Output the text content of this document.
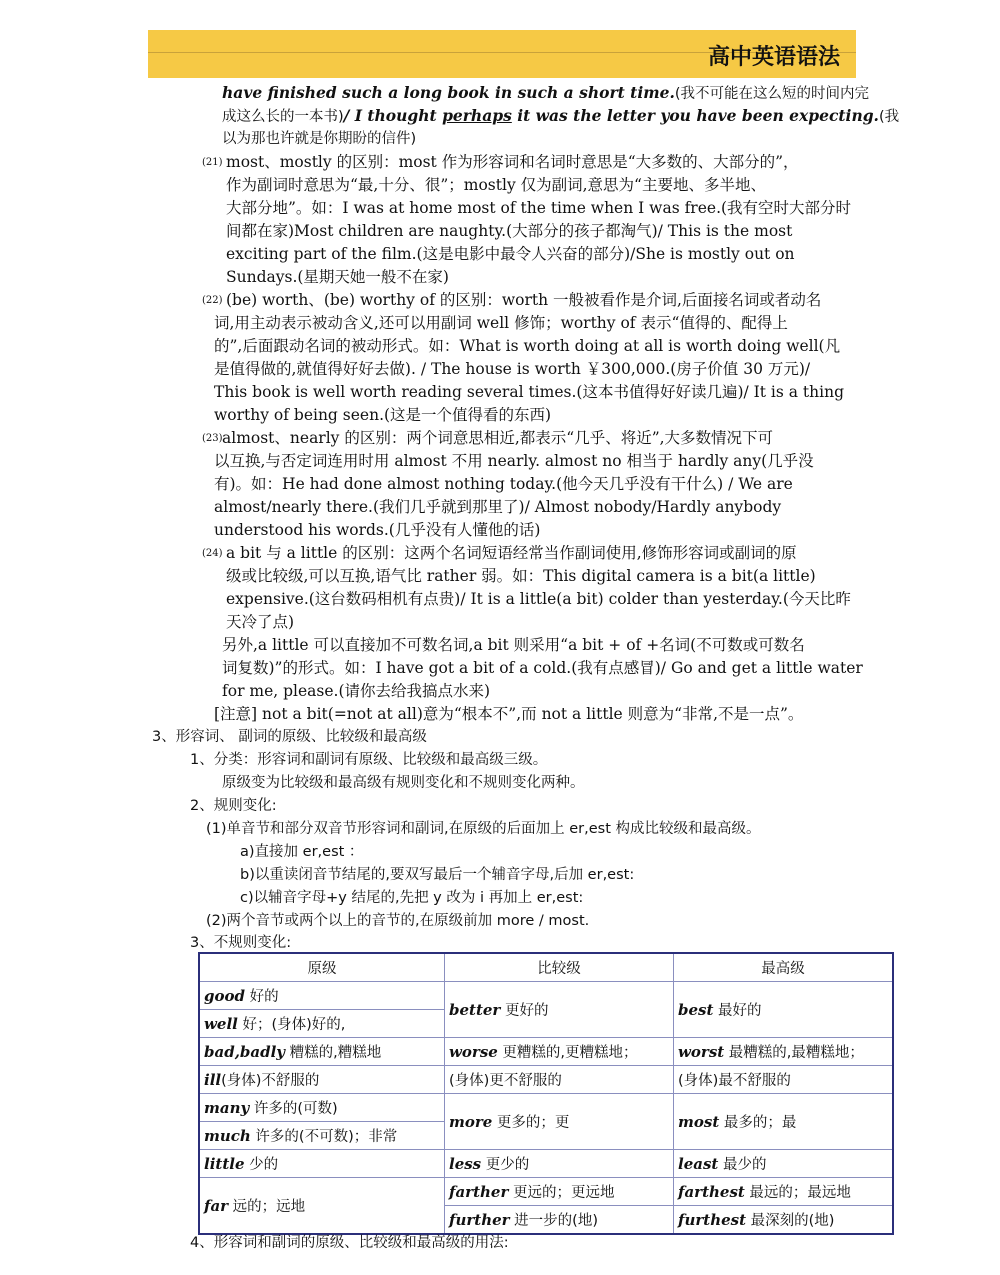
高中英语语法
have finished such a long book in such a short time.(我不可能在这么短的时间内完
成这么长的一本书)/ I thought perhaps it was the letter you have been expecting.(我
以为那也许就是你期盼的信件)
(21) most、mostly 的区别：most 作为形容词和名词时意思是“大多数的、大部分的”，
作为副词时意思为“最,十分、很”；mostly 仅为副词,意思为“主要地、多半地、
大部分地”。如：I was at home most of the time when I was free.(我有空时大部分时
间都在家)Most children are naughty.(大部分的孩子都淘气)/ This is the most
exciting part of the film.(这是电影中最令人兴奋的部分)/She is mostly out on
Sundays.(星期天她一般不在家)
(22) (be) worth、(be) worthy of 的区别：worth 一般被看作是介词,后面接名词或者动名
词,用主动表示被动含义,还可以用副词 well 修饰；worthy of 表示“值得的、配得上
的”,后面跟动名词的被动形式。如：What is worth doing at all is worth doing well(凡
是值得做的,就值得好好去做). / The house is worth ￥300,000.(房子价值 30 万元)/
This book is well worth reading several times.(这本书值得好好读几遍)/ It is a thing
worthy of being seen.(这是一个值得看的东西)
(23) almost、nearly 的区别：两个词意思相近,都表示“几乎、将近”,大多数情况下可
以互换,与否定词连用时用 almost 不用 nearly. almost no 相当于 hardly any(几乎没
有)。如：He had done almost nothing today.(他今天几乎没有干什么) / We are
almost/nearly there.(我们几乎就到那里了)/ Almost nobody/Hardly anybody
understood his words.(几乎没有人懂他的话)
(24) a bit 与 a little 的区别：这两个名词短语经常当作副词使用,修饰形容词或副词的原
级或比较级,可以互换,语气比 rather 弱。如：This digital camera is a bit(a little)
expensive.(这台数码相机有点贵)/ It is a little(a bit) colder than yesterday.(今天比昨
天冷了点)
另外,a little 可以直接加不可数名词,a bit 则采用“a bit + of +名词(不可数或可数名
词复数)”的形式。如：I have got a bit of a cold.(我有点感冒)/ Go and get a little water
for me, please.(请你去给我搞点水来)
[注意] not a bit(=not at all)意为“根本不”,而 not a little 则意为“非常,不是一点”。
3、形容词、 副词的原级、比较级和最高级
1、分类：形容词和副词有原级、比较级和最高级三级。
原级变为比较级和最高级有规则变化和不规则变化两种。
2、规则变化:
(1)单音节和部分双音节形容词和副词,在原级的后面加上 er,est 构成比较级和最高级。
a)直接加 er,est ：
b)以重读闭音节结尾的,要双写最后一个辅音字母,后加 er,est:
c)以辅音字母+y 结尾的,先把 y 改为 i 再加上 er,est:
(2)两个音节或两个以上的音节的,在原级前加 more / most.
3、不规则变化:
原级	比较级	最高级
good 好的	better 更好的	best 最好的
well 好；(身体)好的,		
bad,badly 糟糕的,糟糕地	worse 更糟糕的,更糟糕地；	worst 最糟糕的,最糟糕地；
ill(身体)不舒服的	(身体)更不舒服的	(身体)最不舒服的
many 许多的(可数)	more 更多的；更	most 最多的；最
much 许多的(不可数)；非常		
little 少的	less 更少的	least 最少的
far 远的；远地	farther 更远的；更远地	farthest 最远的；最远地
	further 进一步的(地)	furthest 最深刻的(地)
4、形容词和副词的原级、比较级和最高级的用法:
